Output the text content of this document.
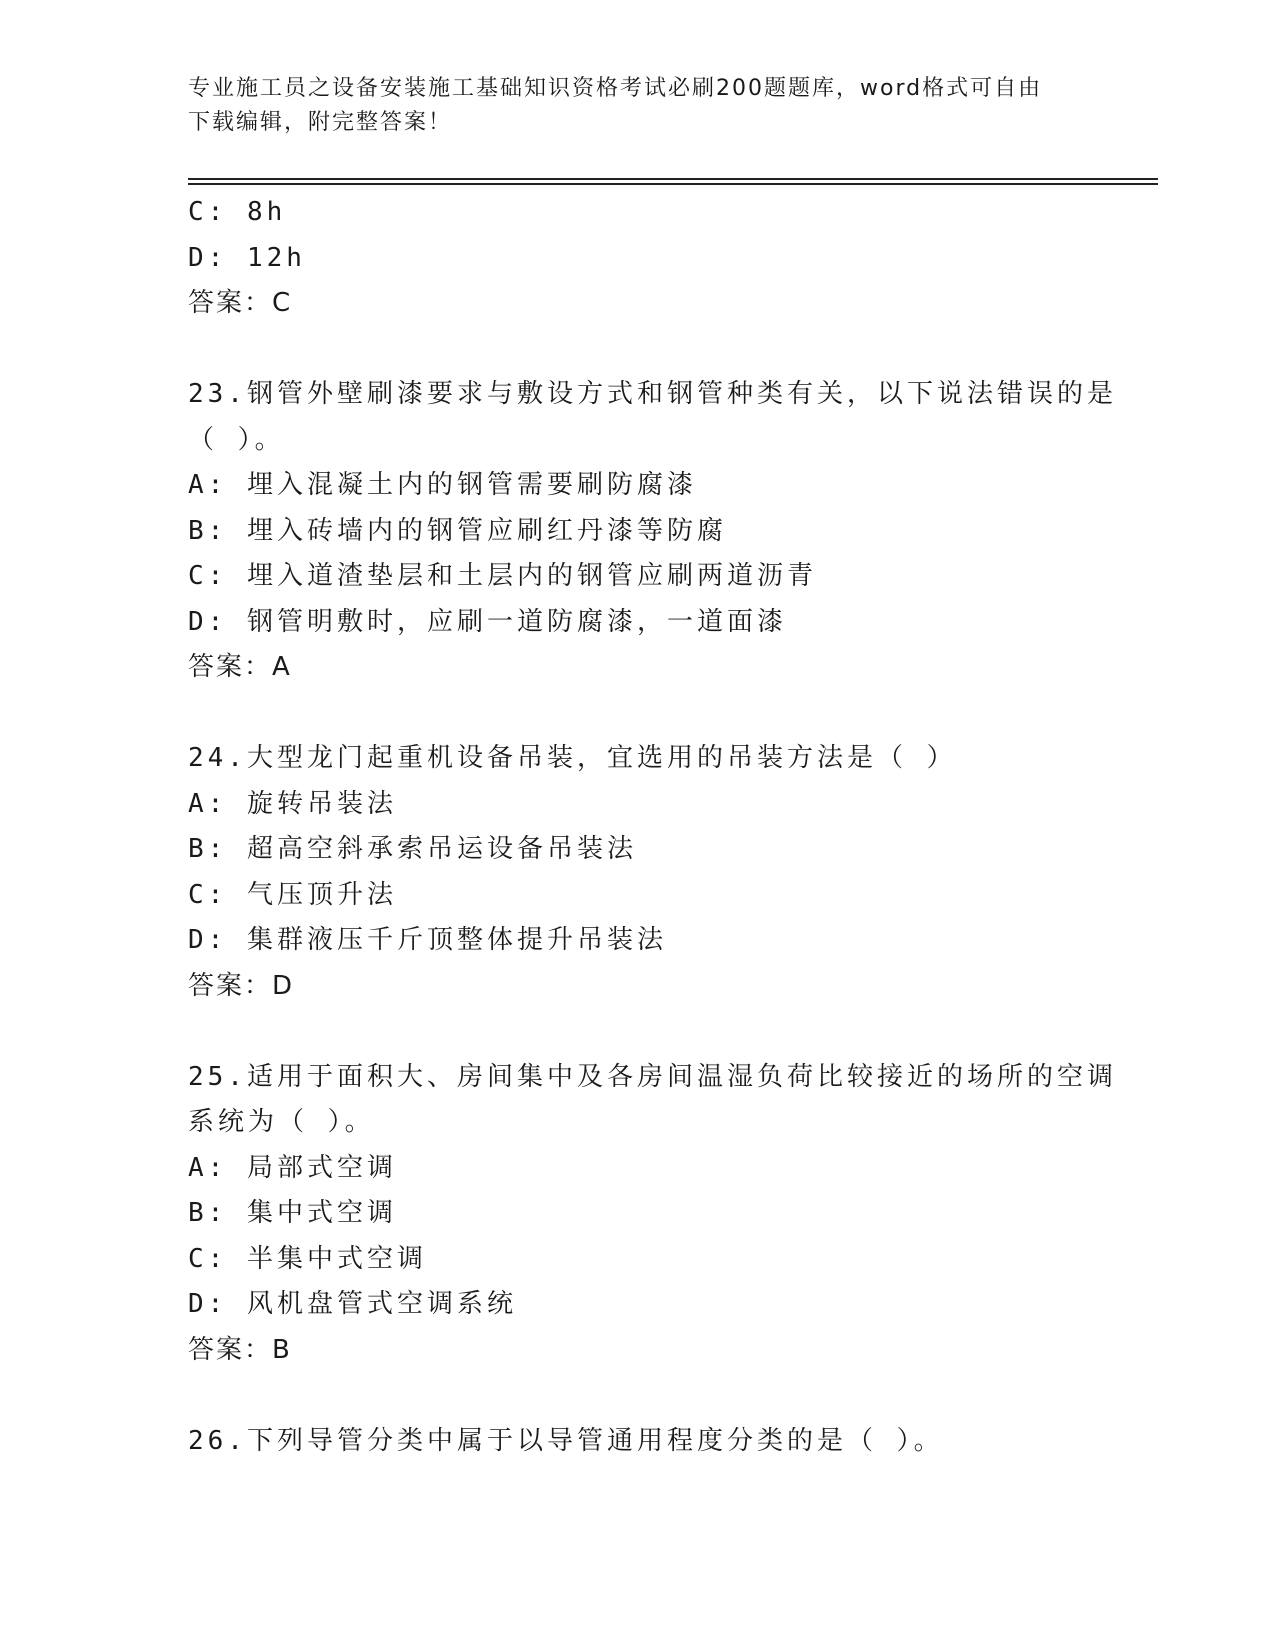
专业施工员之设备安装施工基础知识资格考试必刷200题题库，word格式可自由
下载编辑，附完整答案！
C: 8h
D: 12h
答案：C
23.钢管外壁刷漆要求与敷设方式和钢管种类有关，以下说法错误的是
（ ）。
A: 埋入混凝土内的钢管需要刷防腐漆
B: 埋入砖墙内的钢管应刷红丹漆等防腐
C: 埋入道渣垫层和土层内的钢管应刷两道沥青
D: 钢管明敷时，应刷一道防腐漆，一道面漆
答案：A
24.大型龙门起重机设备吊装，宜选用的吊装方法是（ ）
A: 旋转吊装法
B: 超高空斜承索吊运设备吊装法
C: 气压顶升法
D: 集群液压千斤顶整体提升吊装法
答案：D
25.适用于面积大、房间集中及各房间温湿负荷比较接近的场所的空调
系统为（ ）。
A: 局部式空调
B: 集中式空调
C: 半集中式空调
D: 风机盘管式空调系统
答案：B
26.下列导管分类中属于以导管通用程度分类的是（ ）。
